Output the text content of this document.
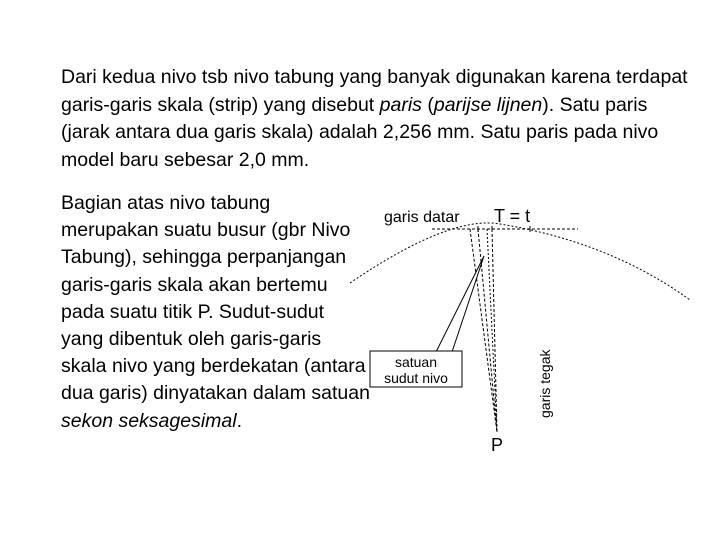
Dari kedua nivo tsb nivo tabung yang banyak digunakan karena terdapat garis-garis skala (strip) yang disebut paris (parijse lijnen). Satu paris (jarak antara dua garis skala) adalah 2,256 mm. Satu paris pada nivo model baru sebesar 2,0 mm.
Bagian atas nivo tabung merupakan suatu busur (gbr Nivo Tabung), sehingga perpanjangan garis-garis skala akan bertemu pada suatu titik P. Sudut-sudut yang dibentuk oleh garis-garis skala nivo yang berdekatan (antara dua garis) dinyatakan dalam satuan sekon seksagesimal.
garis datar T = t
satuan
sudut nivo	garis tegak
P
